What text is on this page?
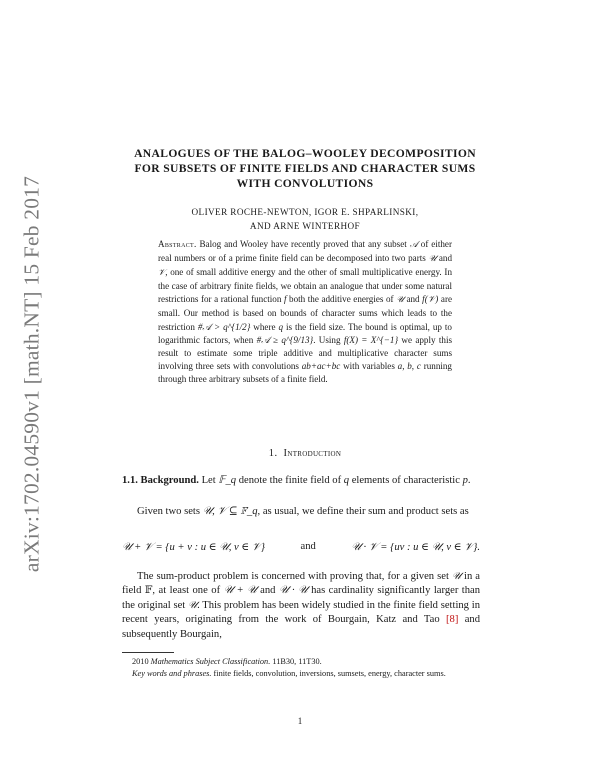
arXiv:1702.04590v1 [math.NT] 15 Feb 2017
ANALOGUES OF THE BALOG–WOOLEY DECOMPOSITION
FOR SUBSETS OF FINITE FIELDS AND CHARACTER SUMS
WITH CONVOLUTIONS
OLIVER ROCHE-NEWTON, IGOR E. SHPARLINSKI,
AND ARNE WINTERHOF
Abstract. Balog and Wooley have recently proved that any subset 𝒜 of either real numbers or of a prime finite field can be decomposed into two parts 𝒰 and 𝒱, one of small additive energy and the other of small multiplicative energy. In the case of arbitrary finite fields, we obtain an analogue that under some natural restrictions for a rational function f both the additive energies of 𝒰 and f(𝒱) are small. Our method is based on bounds of character sums which leads to the restriction #𝒜 > q^{1/2} where q is the field size. The bound is optimal, up to logarithmic factors, when #𝒜 ≥ q^{9/13}. Using f(X) = X^{−1} we apply this result to estimate some triple additive and multiplicative character sums involving three sets with convolutions ab+ac+bc with variables a, b, c running through three arbitrary subsets of a finite field.
1. Introduction
1.1. Background. Let 𝔽_q denote the finite field of q elements of characteristic p.
Given two sets 𝒰, 𝒱 ⊆ 𝔽_q, as usual, we define their sum and product sets as
𝒰 + 𝒱 = {u + v : u ∈ 𝒰, v ∈ 𝒱}	and	𝒰 · 𝒱 = {uv : u ∈ 𝒰, v ∈ 𝒱}.
The sum-product problem is concerned with proving that, for a given set 𝒰 in a field 𝔽, at least one of 𝒰 + 𝒰 and 𝒰 · 𝒰 has cardinality significantly larger than the original set 𝒰. This problem has been widely studied in the finite field setting in recent years, originating from the work of Bourgain, Katz and Tao [8] and subsequently Bourgain,

2010 Mathematics Subject Classification. 11B30, 11T30.

Key words and phrases. finite fields, convolution, inversions, sumsets, energy, character sums.

1
